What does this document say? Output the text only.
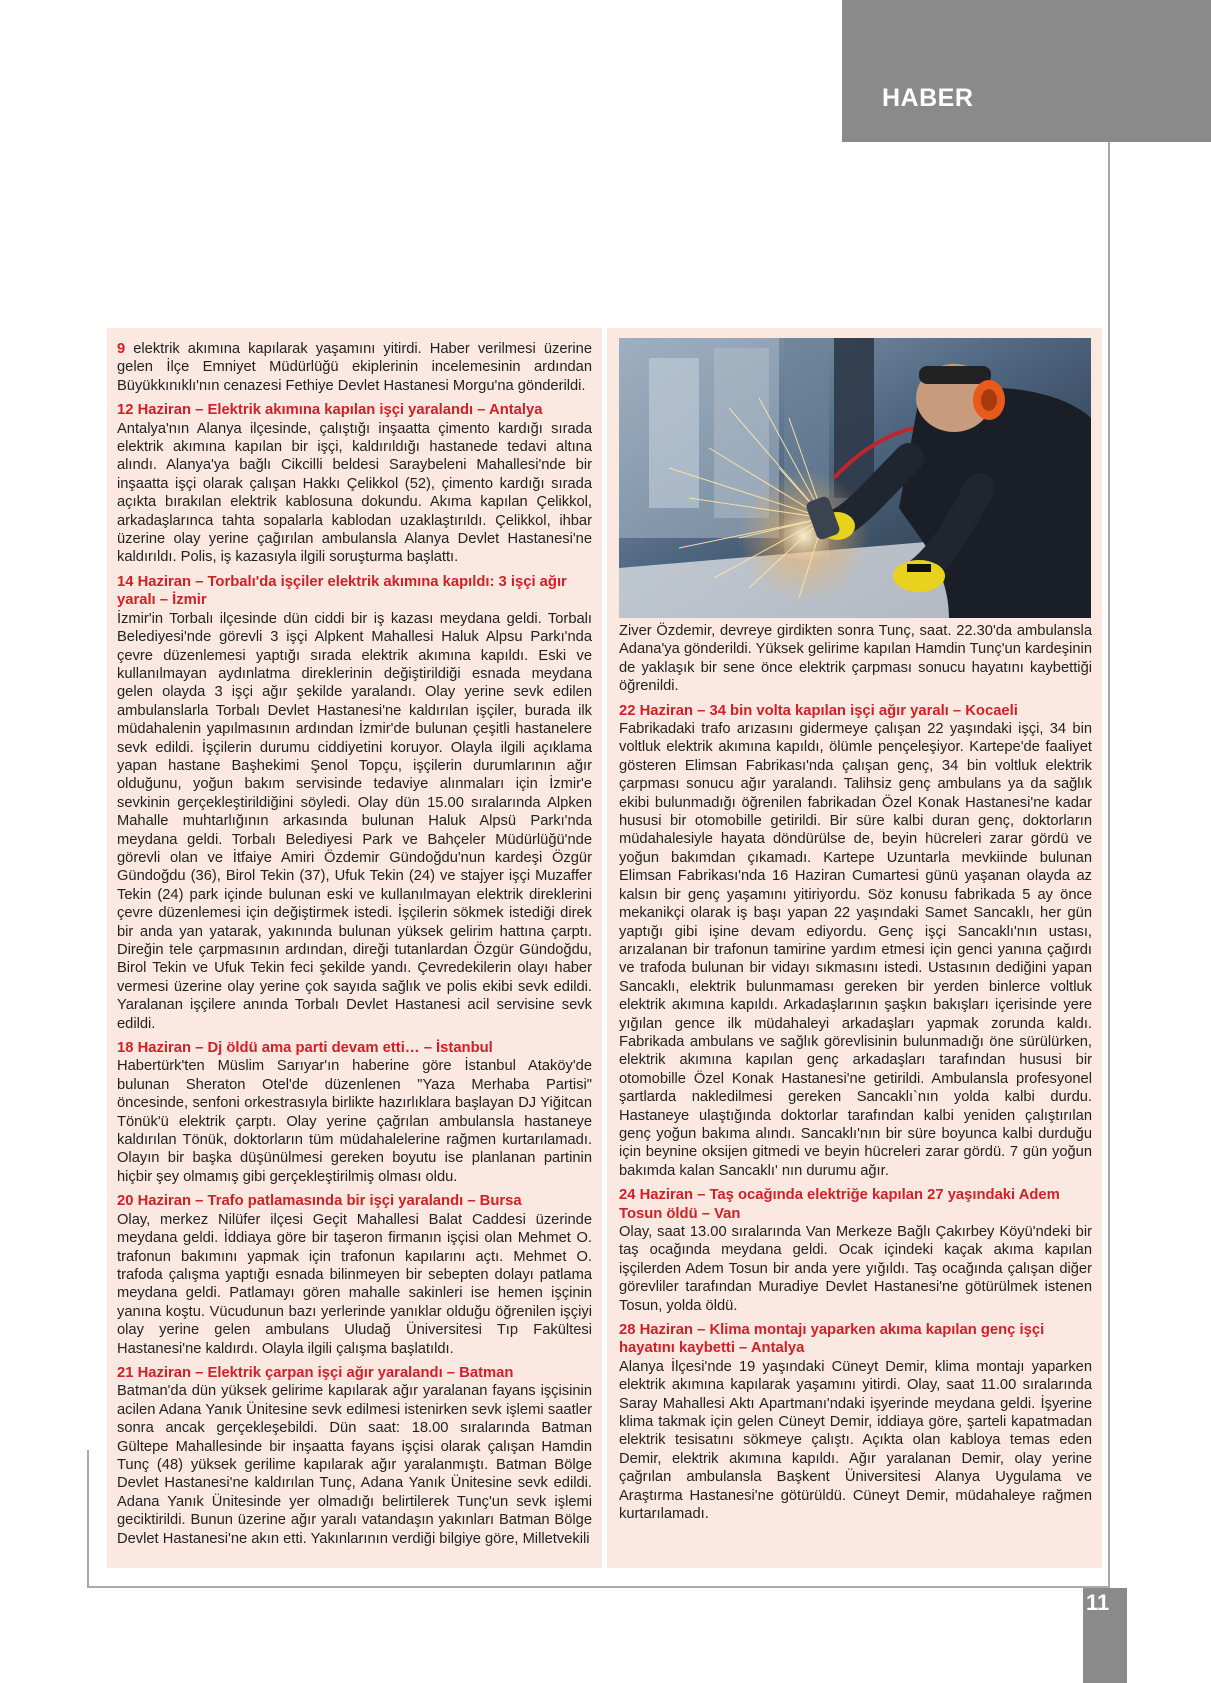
HABER
11

9 elektrik akımına kapılarak yaşamını yitirdi. Haber verilmesi üzerine gelen İlçe Emniyet Müdürlüğü ekiplerinin incelemesinin ardından Büyükkınıklı'nın cenazesi Fethiye Devlet Hastanesi Morgu'na gönderildi.

12 Haziran – Elektrik akımına kapılan işçi yaralandı – Antalya

Antalya'nın Alanya ilçesinde, çalıştığı inşaatta çimento kardığı sırada elektrik akımına kapılan bir işçi, kaldırıldığı hastanede tedavi altına alındı. Alanya'ya bağlı Cikcilli beldesi Saraybeleni Mahallesi'nde bir inşaatta işçi olarak çalışan Hakkı Çelikkol (52), çimento kardığı sırada açıkta bırakılan elektrik kablosuna dokundu. Akıma kapılan Çelikkol, arkadaşlarınca tahta sopalarla kablodan uzaklaştırıldı. Çelikkol, ihbar üzerine olay yerine çağırılan ambulansla Alanya Devlet Hastanesi'ne kaldırıldı. Polis, iş kazasıyla ilgili soruşturma başlattı.

14 Haziran – Torbalı'da işçiler elektrik akımına kapıldı: 3 işçi ağır yaralı – İzmir

İzmir'in Torbalı ilçesinde dün ciddi bir iş kazası meydana geldi. Torbalı Belediyesi'nde görevli 3 işçi Alpkent Mahallesi Haluk Alpsu Parkı'nda çevre düzenlemesi yaptığı sırada elektrik akımına kapıldı. Eski ve kullanılmayan aydınlatma direklerinin değiştirildiği esnada meydana gelen olayda 3 işçi ağır şekilde yaralandı. Olay yerine sevk edilen ambulanslarla Torbalı Devlet Hastanesi'ne kaldırılan işçiler, burada ilk müdahalenin yapılmasının ardından İzmir'de bulunan çeşitli hastanelere sevk edildi. İşçilerin durumu ciddiyetini koruyor. Olayla ilgili açıklama yapan hastane Başhekimi Şenol Topçu, işçilerin durumlarının ağır olduğunu, yoğun bakım servisinde tedaviye alınmaları için İzmir'e sevkinin gerçekleştirildiğini söyledi. Olay dün 15.00 sıralarında Alpken Mahalle muhtarlığının arkasında bulunan Haluk Alpsü Parkı'nda meydana geldi. Torbalı Belediyesi Park ve Bahçeler Müdürlüğü'nde görevli olan ve İtfaiye Amiri Özdemir Gündoğdu'nun kardeşi Özgür Gündoğdu (36), Birol Tekin (37), Ufuk Tekin (24) ve stajyer işçi Muzaffer Tekin (24) park içinde bulunan eski ve kullanılmayan elektrik direklerini çevre düzenlemesi için değiştirmek istedi. İşçilerin sökmek istediği direk bir anda yan yatarak, yakınında bulunan yüksek gelirim hattına çarptı. Direğin tele çarpmasının ardından, direği tutanlardan Özgür Gündoğdu, Birol Tekin ve Ufuk Tekin feci şekilde yandı. Çevredekilerin olayı haber vermesi üzerine olay yerine çok sayıda sağlık ve polis ekibi sevk edildi. Yaralanan işçilere anında Torbalı Devlet Hastanesi acil servisine sevk edildi.

18 Haziran – Dj öldü ama parti devam etti… – İstanbul

Habertürk'ten Müslim Sarıyar'ın haberine göre İstanbul Ataköy'de bulunan Sheraton Otel'de düzenlenen "Yaza Merhaba Partisi" öncesinde, senfoni orkestrasıyla birlikte hazırlıklara başlayan DJ Yiğitcan Tönük'ü elektrik çarptı. Olay yerine çağrılan ambulansla hastaneye kaldırılan Tönük, doktorların tüm müdahalelerine rağmen kurtarılamadı. Olayın bir başka düşünülmesi gereken boyutu ise planlanan partinin hiçbir şey olmamış gibi gerçekleştirilmiş olması oldu.

20 Haziran – Trafo patlamasında bir işçi yaralandı – Bursa

Olay, merkez Nilüfer ilçesi Geçit Mahallesi Balat Caddesi üzerinde meydana geldi. İddiaya göre bir taşeron firmanın işçisi olan Mehmet O. trafonun bakımını yapmak için trafonun kapılarını açtı. Mehmet O. trafoda çalışma yaptığı esnada bilinmeyen bir sebepten dolayı patlama meydana geldi. Patlamayı gören mahalle sakinleri ise hemen işçinin yanına koştu. Vücudunun bazı yerlerinde yanıklar olduğu öğrenilen işçiyi olay yerine gelen ambulans Uludağ Üniversitesi Tıp Fakültesi Hastanesi'ne kaldırdı. Olayla ilgili çalışma başlatıldı.

21 Haziran – Elektrik çarpan işçi ağır yaralandı – Batman

Batman'da dün yüksek gelirime kapılarak ağır yaralanan fayans işçisinin acilen Adana Yanık Ünitesine sevk edilmesi istenirken sevk işlemi saatler sonra ancak gerçekleşebildi. Dün saat: 18.00 sıralarında Batman Gültepe Mahallesinde bir inşaatta fayans işçisi olarak çalışan Hamdin Tunç (48) yüksek gerilime kapılarak ağır yaralanmıştı. Batman Bölge Devlet Hastanesi'ne kaldırılan Tunç, Adana Yanık Ünitesine sevk edildi. Adana Yanık Ünitesinde yer olmadığı belirtilerek Tunç'un sevk işlemi geciktirildi. Bunun üzerine ağır yaralı vatandaşın yakınları Batman Bölge Devlet Hastanesi'ne akın etti. Yakınlarının verdiği bilgiye göre, Milletvekili

Ziver Özdemir, devreye girdikten sonra Tunç, saat. 22.30'da ambulansla Adana'ya gönderildi. Yüksek gelirime kapılan Hamdin Tunç'un kardeşinin de yaklaşık bir sene önce elektrik çarpması sonucu hayatını kaybettiği öğrenildi.

22 Haziran – 34 bin volta kapılan işçi ağır yaralı – Kocaeli

Fabrikadaki trafo arızasını gidermeye çalışan 22 yaşındaki işçi, 34 bin voltluk elektrik akımına kapıldı, ölümle pençeleşiyor. Kartepe'de faaliyet gösteren Elimsan Fabrikası'nda çalışan genç, 34 bin voltluk elektrik çarpması sonucu ağır yaralandı. Talihsiz genç ambulans ya da sağlık ekibi bulunmadığı öğrenilen fabrikadan Özel Konak Hastanesi'ne kadar hususi bir otomobille getirildi. Bir süre kalbi duran genç, doktorların müdahalesiyle hayata döndürülse de, beyin hücreleri zarar gördü ve yoğun bakımdan çıkamadı. Kartepe Uzuntarla mevkiinde bulunan Elimsan Fabrikası'nda 16 Haziran Cumartesi günü yaşanan olayda az kalsın bir genç yaşamını yitiriyordu. Söz konusu fabrikada 5 ay önce mekanikçi olarak iş başı yapan 22 yaşındaki Samet Sancaklı, her gün yaptığı gibi işine devam ediyordu. Genç işçi Sancaklı'nın ustası, arızalanan bir trafonun tamirine yardım etmesi için genci yanına çağırdı ve trafoda bulunan bir vidayı sıkmasını istedi. Ustasının dediğini yapan Sancaklı, elektrik bulunmaması gereken bir yerden binlerce voltluk elektrik akımına kapıldı. Arkadaşlarının şaşkın bakışları içerisinde yere yığılan gence ilk müdahaleyi arkadaşları yapmak zorunda kaldı. Fabrikada ambulans ve sağlık görevlisinin bulunmadığı öne sürülürken, elektrik akımına kapılan genç arkadaşları tarafından hususi bir otomobille Özel Konak Hastanesi'ne getirildi. Ambulansla profesyonel şartlarda nakledilmesi gereken Sancaklı`nın yolda kalbi durdu. Hastaneye ulaştığında doktorlar tarafından kalbi yeniden çalıştırılan genç yoğun bakıma alındı. Sancaklı'nın bir süre boyunca kalbi durduğu için beynine oksijen gitmedi ve beyin hücreleri zarar gördü. 7 gün yoğun bakımda kalan Sancaklı' nın durumu ağır.

24 Haziran – Taş ocağında elektriğe kapılan 27 yaşındaki Adem Tosun öldü – Van

Olay, saat 13.00 sıralarında Van Merkeze Bağlı Çakırbey Köyü'ndeki bir taş ocağında meydana geldi. Ocak içindeki kaçak akıma kapılan işçilerden Adem Tosun bir anda yere yığıldı. Taş ocağında çalışan diğer görevliler tarafından Muradiye Devlet Hastanesi'ne götürülmek istenen Tosun, yolda öldü.

28 Haziran – Klima montajı yaparken akıma kapılan genç işçi hayatını kaybetti – Antalya

Alanya İlçesi'nde 19 yaşındaki Cüneyt Demir, klima montajı yaparken elektrik akımına kapılarak yaşamını yitirdi. Olay, saat 11.00 sıralarında Saray Mahallesi Aktı Apartmanı'ndaki işyerinde meydana geldi. İşyerine klima takmak için gelen Cüneyt Demir, iddiaya göre, şarteli kapatmadan elektrik tesisatını sökmeye çalıştı. Açıkta olan kabloya temas eden Demir, elektrik akımına kapıldı. Ağır yaralanan Demir, olay yerine çağrılan ambulansla Başkent Üniversitesi Alanya Uygulama ve Araştırma Hastanesi'ne götürüldü. Cüneyt Demir, müdahaleye rağmen kurtarılamadı.
